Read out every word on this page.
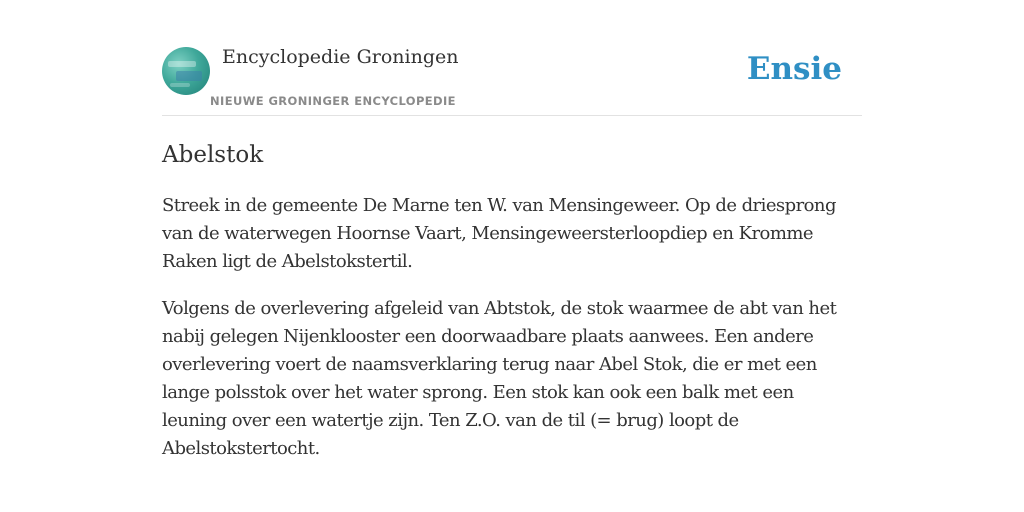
Encyclopedie Groningen
NIEUWE GRONINGER ENCYCLOPEDIE
Ensie
Abelstok

Streek in de gemeente De Marne ten W. van Mensingeweer. Op de driesprong van de waterwegen Hoornse Vaart, Mensingeweersterloopdiep en Kromme Raken ligt de Abelstokstertil.

Volgens de overlevering afgeleid van Abtstok, de stok waarmee de abt van het nabij gelegen Nijenklooster een doorwaadbare plaats aanwees. Een andere overlevering voert de naamsverklaring terug naar Abel Stok, die er met een lange polsstok over het water sprong. Een stok kan ook een balk met een leuning over een watertje zijn. Ten Z.O. van de til (= brug) loopt de Abelstokstertocht.
